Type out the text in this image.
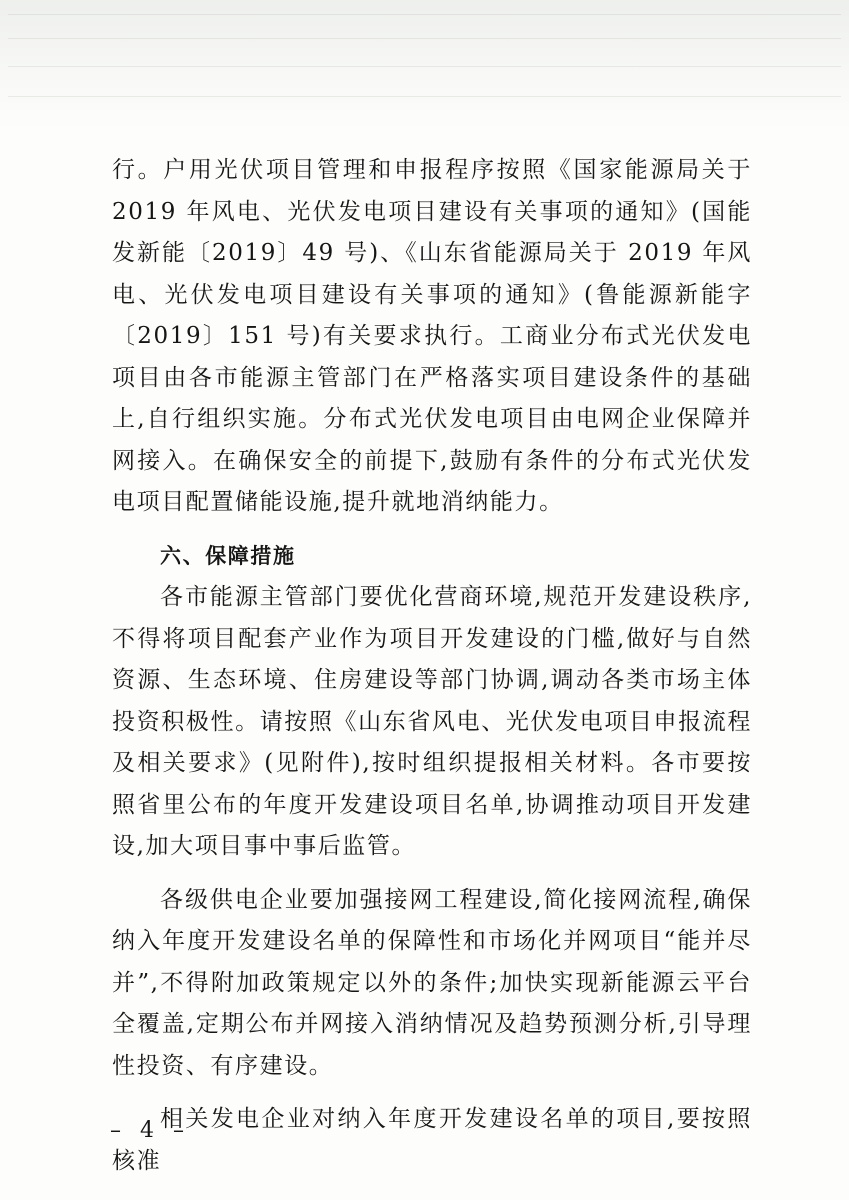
行。户用光伏项目管理和申报程序按照《国家能源局关于 2019 年风电、光伏发电项目建设有关事项的通知》(国能发新能〔2019〕49 号)、《山东省能源局关于 2019 年风电、光伏发电项目建设有关事项的通知》(鲁能源新能字〔2019〕151 号)有关要求执行。工商业分布式光伏发电项目由各市能源主管部门在严格落实项目建设条件的基础上,自行组织实施。分布式光伏发电项目由电网企业保障并网接入。在确保安全的前提下,鼓励有条件的分布式光伏发电项目配置储能设施,提升就地消纳能力。

六、保障措施

各市能源主管部门要优化营商环境,规范开发建设秩序,不得将项目配套产业作为项目开发建设的门槛,做好与自然资源、生态环境、住房建设等部门协调,调动各类市场主体投资积极性。请按照《山东省风电、光伏发电项目申报流程及相关要求》(见附件),按时组织提报相关材料。各市要按照省里公布的年度开发建设项目名单,协调推动项目开发建设,加大项目事中事后监管。

各级供电企业要加强接网工程建设,简化接网流程,确保纳入年度开发建设名单的保障性和市场化并网项目“能并尽并”,不得附加政策规定以外的条件;加快实现新能源云平台全覆盖,定期公布并网接入消纳情况及趋势预测分析,引导理性投资、有序建设。

相关发电企业对纳入年度开发建设名单的项目,要按照核准

– 4 –
